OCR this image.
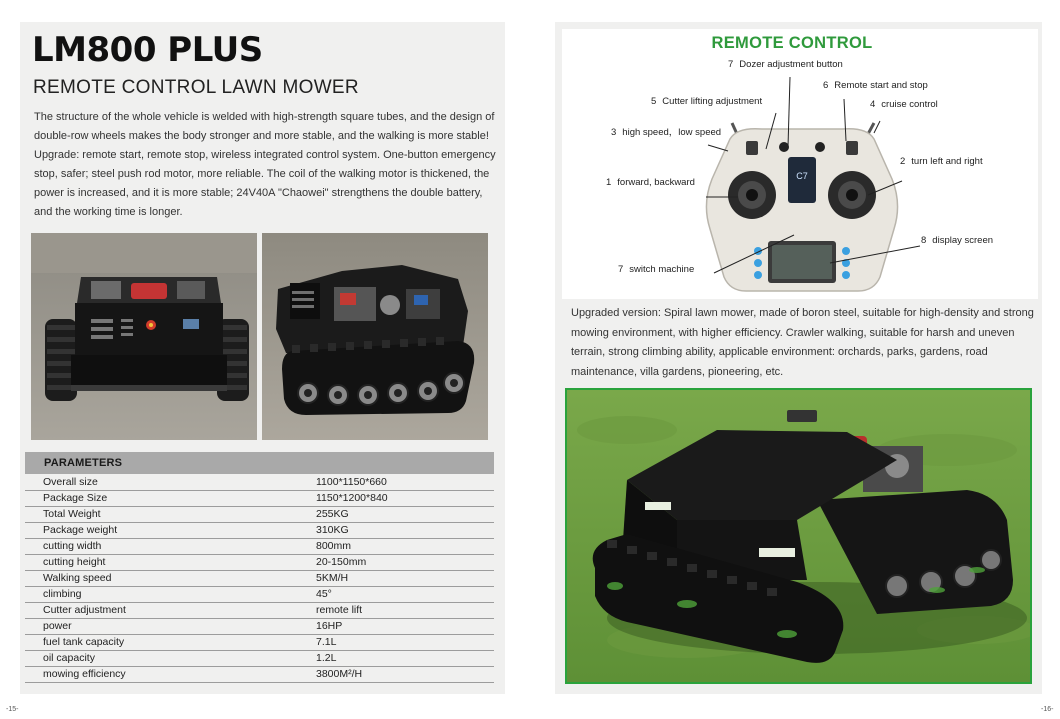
LM800 PLUS
REMOTE CONTROL LAWN MOWER
The structure of the whole vehicle is welded with high-strength square tubes, and the design of double-row wheels makes the body stronger and more stable, and the walking is more stable! Upgrade: remote start, remote stop, wireless integrated control system. One-button emergency stop, safer; steel push rod motor, more reliable. The coil of the walking motor is thickened, the power is increased, and it is more stable; 24V40A "Chaowei" strengthens the double battery, and the working time is longer.
PARAMETERS
Overall size	1100*1150*660
Package Size	1150*1200*840
Total Weight	255KG
Package weight	310KG
cutting width	800mm
cutting height	20-150mm
Walking speed	5KM/H
climbing	45°
Cutter adjustment	remote lift
power	16HP
fuel tank capacity	7.1L
oil capacity	1.2L
mowing efficiency	3800M²/H
REMOTE CONTROL
C7
7 Dozer adjustment button
6 Remote start and stop
5 Cutter lifting adjustment	4 cruise control
3 high speed，low speed
2 turn left and right
1 forward, backward
8 display screen
7 switch machine
Upgraded version: Spiral lawn mower, made of boron steel, suitable for high-density and strong mowing environment, with higher efficiency. Crawler walking, suitable for harsh and uneven terrain, strong climbing ability, applicable environment: orchards, parks, gardens, road maintenance, villa gardens, pioneering, etc.
-15-	-16-
